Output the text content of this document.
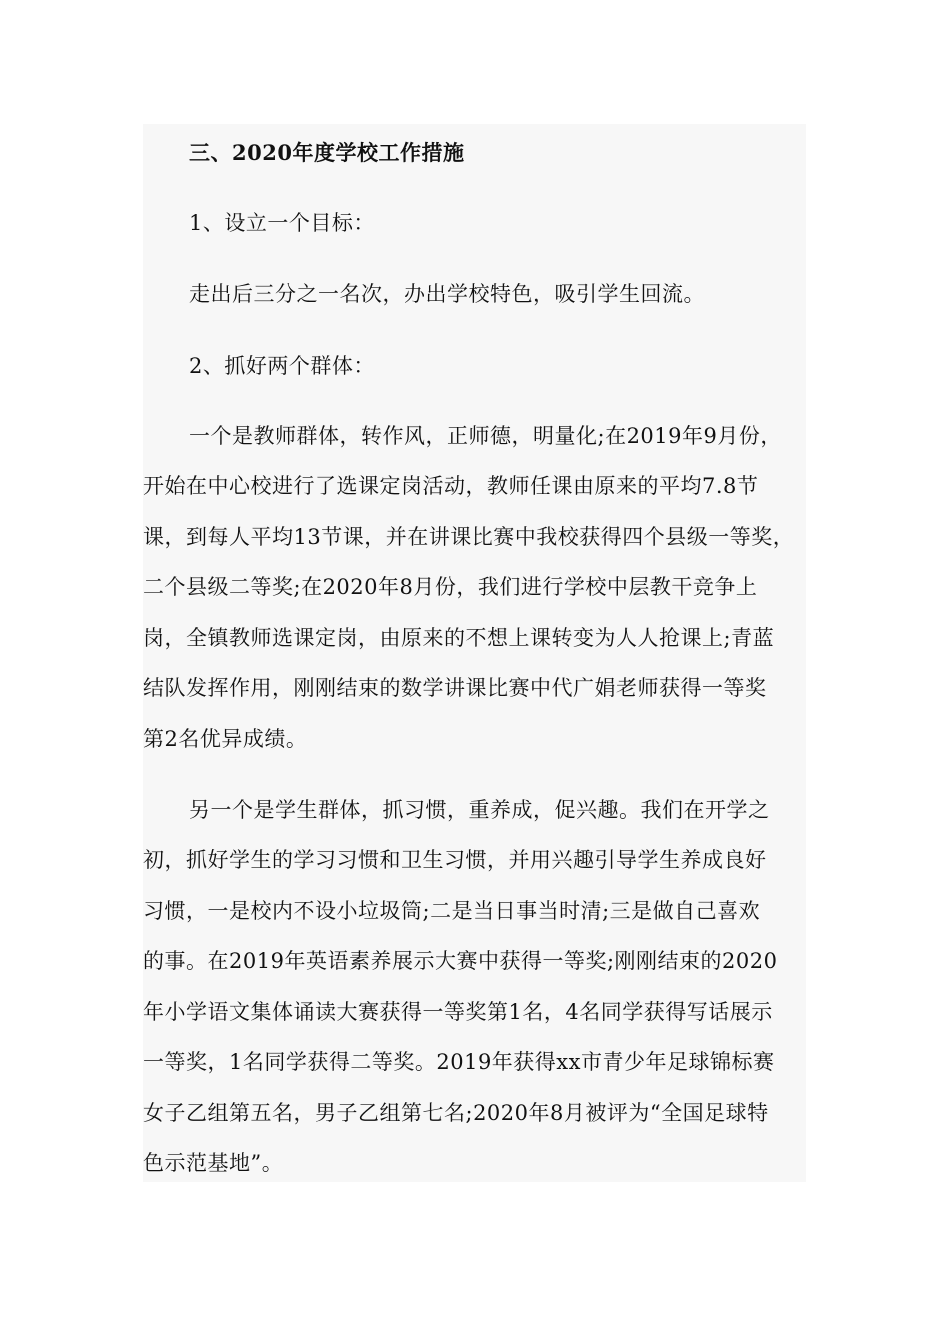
三、2020年度学校工作措施
1、设立一个目标：
走出后三分之一名次，办出学校特色，吸引学生回流。
2、抓好两个群体：
一个是教师群体，转作风，正师德，明量化;在2019年9月份，
开始在中心校进行了选课定岗活动，教师任课由原来的平均7.8节
课，到每人平均13节课，并在讲课比赛中我校获得四个县级一等奖，
二个县级二等奖;在2020年8月份，我们进行学校中层教干竞争上
岗，全镇教师选课定岗，由原来的不想上课转变为人人抢课上;青蓝
结队发挥作用，刚刚结束的数学讲课比赛中代广娟老师获得一等奖
第2名优异成绩。
另一个是学生群体，抓习惯，重养成，促兴趣。我们在开学之
初，抓好学生的学习习惯和卫生习惯，并用兴趣引导学生养成良好
习惯，一是校内不设小垃圾筒;二是当日事当时清;三是做自己喜欢
的事。在2019年英语素养展示大赛中获得一等奖;刚刚结束的2020
年小学语文集体诵读大赛获得一等奖第1名，4名同学获得写话展示
一等奖，1名同学获得二等奖。2019年获得xx市青少年足球锦标赛
女子乙组第五名，男子乙组第七名;2020年8月被评为“全国足球特
色示范基地”。
